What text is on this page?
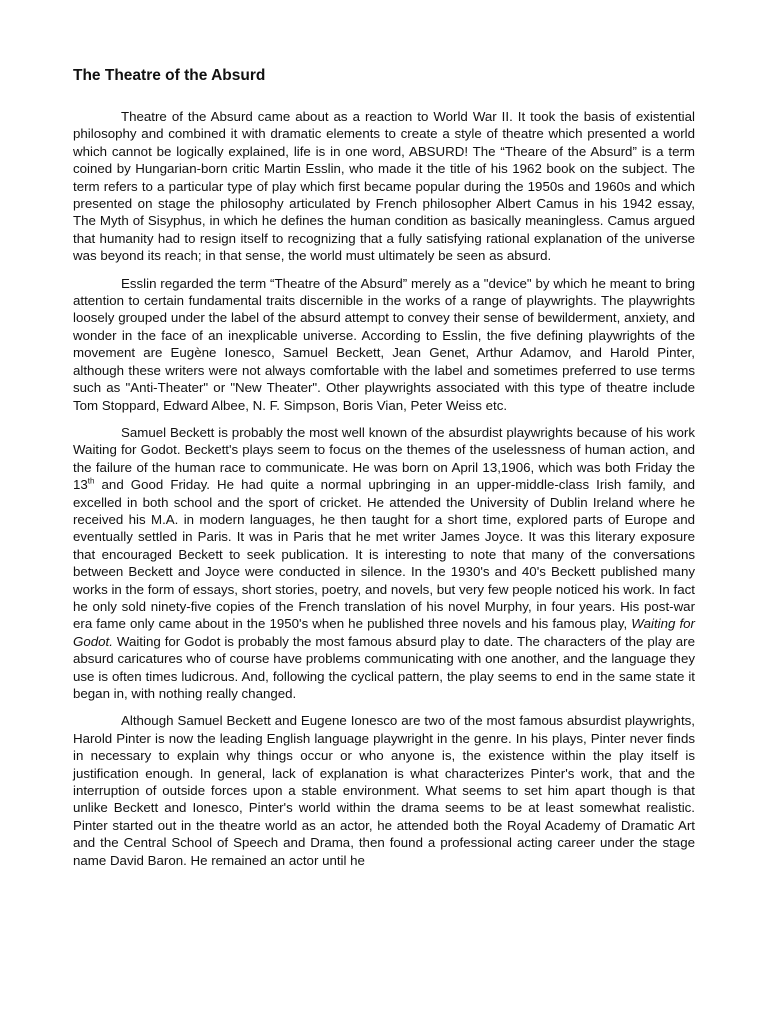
The Theatre of the Absurd

Theatre of the Absurd came about as a reaction to World War II. It took the basis of existential philosophy and combined it with dramatic elements to create a style of theatre which presented a world which cannot be logically explained, life is in one word, ABSURD! The “Theare of the Absurd” is a term coined by Hungarian-born critic Martin Esslin, who made it the title of his 1962 book on the subject. The term refers to a particular type of play which first became popular during the 1950s and 1960s and which presented on stage the philosophy articulated by French philosopher Albert Camus in his 1942 essay, The Myth of Sisyphus, in which he defines the human condition as basically meaningless. Camus argued that humanity had to resign itself to recognizing that a fully satisfying rational explanation of the universe was beyond its reach; in that sense, the world must ultimately be seen as absurd.

Esslin regarded the term “Theatre of the Absurd” merely as a "device" by which he meant to bring attention to certain fundamental traits discernible in the works of a range of playwrights. The playwrights loosely grouped under the label of the absurd attempt to convey their sense of bewilderment, anxiety, and wonder in the face of an inexplicable universe. According to Esslin, the five defining playwrights of the movement are Eugène Ionesco, Samuel Beckett, Jean Genet, Arthur Adamov, and Harold Pinter, although these writers were not always comfortable with the label and sometimes preferred to use terms such as "Anti-Theater" or "New Theater". Other playwrights associated with this type of theatre include Tom Stoppard, Edward Albee, N. F. Simpson, Boris Vian, Peter Weiss etc.

Samuel Beckett is probably the most well known of the absurdist playwrights because of his work Waiting for Godot. Beckett's plays seem to focus on the themes of the uselessness of human action, and the failure of the human race to communicate. He was born on April 13,1906, which was both Friday the 13th and Good Friday. He had quite a normal upbringing in an upper-middle-class Irish family, and excelled in both school and the sport of cricket. He attended the University of Dublin Ireland where he received his M.A. in modern languages, he then taught for a short time, explored parts of Europe and eventually settled in Paris. It was in Paris that he met writer James Joyce. It was this literary exposure that encouraged Beckett to seek publication. It is interesting to note that many of the conversations between Beckett and Joyce were conducted in silence. In the 1930's and 40's Beckett published many works in the form of essays, short stories, poetry, and novels, but very few people noticed his work. In fact he only sold ninety-five copies of the French translation of his novel Murphy, in four years. His post-war era fame only came about in the 1950's when he published three novels and his famous play, Waiting for Godot. Waiting for Godot is probably the most famous absurd play to date. The characters of the play are absurd caricatures who of course have problems communicating with one another, and the language they use is often times ludicrous. And, following the cyclical pattern, the play seems to end in the same state it began in, with nothing really changed.

Although Samuel Beckett and Eugene Ionesco are two of the most famous absurdist playwrights, Harold Pinter is now the leading English language playwright in the genre. In his plays, Pinter never finds in necessary to explain why things occur or who anyone is, the existence within the play itself is justification enough. In general, lack of explanation is what characterizes Pinter's work, that and the interruption of outside forces upon a stable environment. What seems to set him apart though is that unlike Beckett and Ionesco, Pinter's world within the drama seems to be at least somewhat realistic. Pinter started out in the theatre world as an actor, he attended both the Royal Academy of Dramatic Art and the Central School of Speech and Drama, then found a professional acting career under the stage name David Baron. He remained an actor until he
